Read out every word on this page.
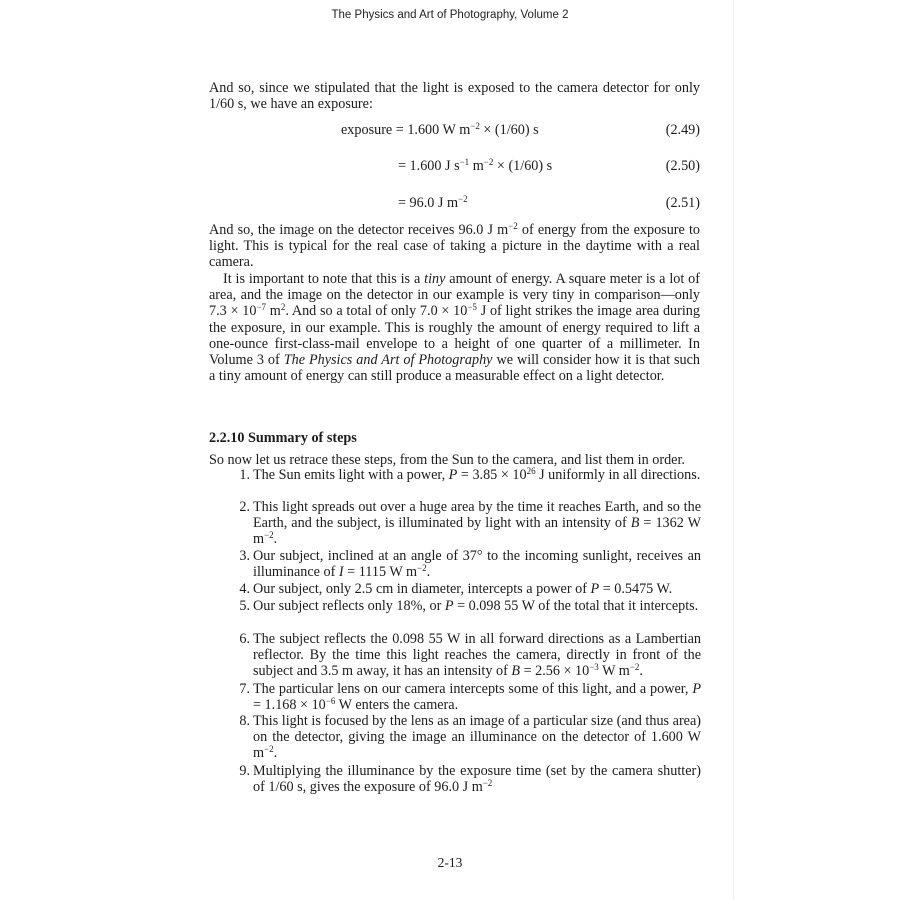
The Physics and Art of Photography, Volume 2

And so, since we stipulated that the light is exposed to the camera detector for only 1/60 s, we have an exposure:

exposure = 1.600 W $m^{-2} \times (1/60)$ s	(2.49)
= 1.600 J $s^{-1}$ $m^{-2} \times (1/60)$ s	(2.50)
= 96.0 J $m^{-2}$	(2.51)

And so, the image on the detector receives 96.0 J $m^{-2}$ of energy from the exposure to light. This is typical for the real case of taking a picture in the daytime with a real camera.

It is important to note that this is a tiny amount of energy. A square meter is a lot of area, and the image on the detector in our example is very tiny in comparison—only $7.3 \times 10^{-7}$ $m^2$. And so a total of only $7.0 \times 10^{-5}$ J of light strikes the image area during the exposure, in our example. This is roughly the amount of energy required to lift a one-ounce first-class-mail envelope to a height of one quarter of a millimeter. In Volume 3 of The Physics and Art of Photography we will consider how it is that such a tiny amount of energy can still produce a measurable effect on a light detector.

2.2.10 Summary of steps

So now let us retrace these steps, from the Sun to the camera, and list them in order.

1. The Sun emits light with a power, $P = 3.85 \times 10^{26}$ J uniformly in all directions.

2. This light spreads out over a huge area by the time it reaches Earth, and so the Earth, and the subject, is illuminated by light with an intensity of B = 1362 W $m^{-2}$.

3. Our subject, inclined at an angle of 37° to the incoming sunlight, receives an illuminance of I = 1115 W $m^{-2}$.

4. Our subject, only 2.5 cm in diameter, intercepts a power of P = 0.5475 W.

5. Our subject reflects only 18%, or P = 0.098 55 W of the total that it intercepts.

6. The subject reflects the 0.098 55 W in all forward directions as a Lambertian reflector. By the time this light reaches the camera, directly in front of the subject and 3.5 m away, it has an intensity of $B = 2.56 \times 10^{-3}$ W $m^{-2}$.

7. The particular lens on our camera intercepts some of this light, and a power, $P = 1.168 \times 10^{-6}$ W enters the camera.

8. This light is focused by the lens as an image of a particular size (and thus area) on the detector, giving the image an illuminance on the detector of 1.600 W $m^{-2}$.

9. Multiplying the illuminance by the exposure time (set by the camera shutter) of 1/60 s, gives the exposure of 96.0 J $m^{-2}$

2-13
